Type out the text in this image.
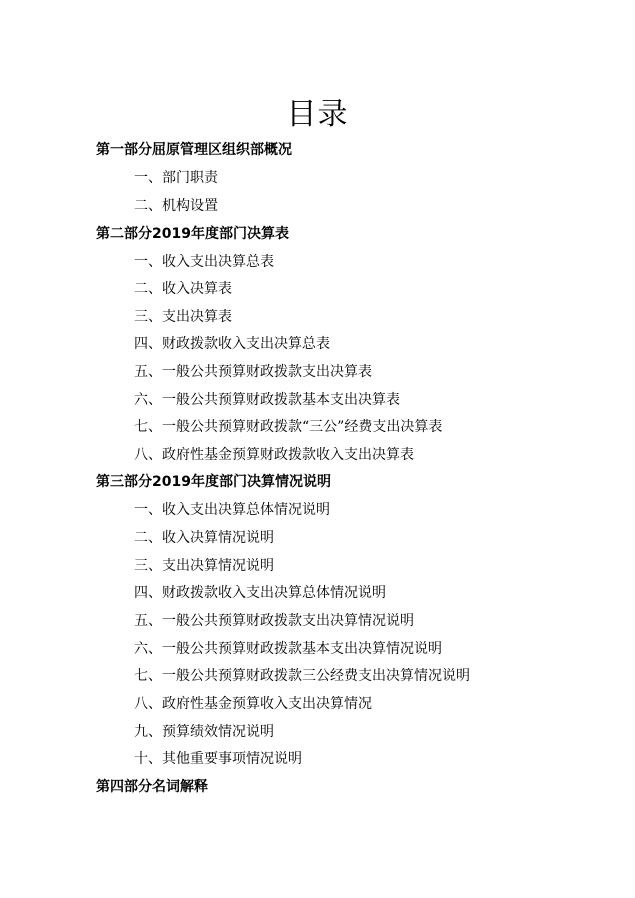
目录
第一部分屈原管理区组织部概况
一、部门职责
二、机构设置
第二部分2019年度部门决算表
一、收入支出决算总表
二、收入决算表
三、支出决算表
四、财政拨款收入支出决算总表
五、一般公共预算财政拨款支出决算表
六、一般公共预算财政拨款基本支出决算表
七、一般公共预算财政拨款“三公”经费支出决算表
八、政府性基金预算财政拨款收入支出决算表
第三部分2019年度部门决算情况说明
一、收入支出决算总体情况说明
二、收入决算情况说明
三、支出决算情况说明
四、财政拨款收入支出决算总体情况说明
五、一般公共预算财政拨款支出决算情况说明
六、一般公共预算财政拨款基本支出决算情况说明
七、一般公共预算财政拨款三公经费支出决算情况说明
八、政府性基金预算收入支出决算情况
九、预算绩效情况说明
十、其他重要事项情况说明
第四部分名词解释
